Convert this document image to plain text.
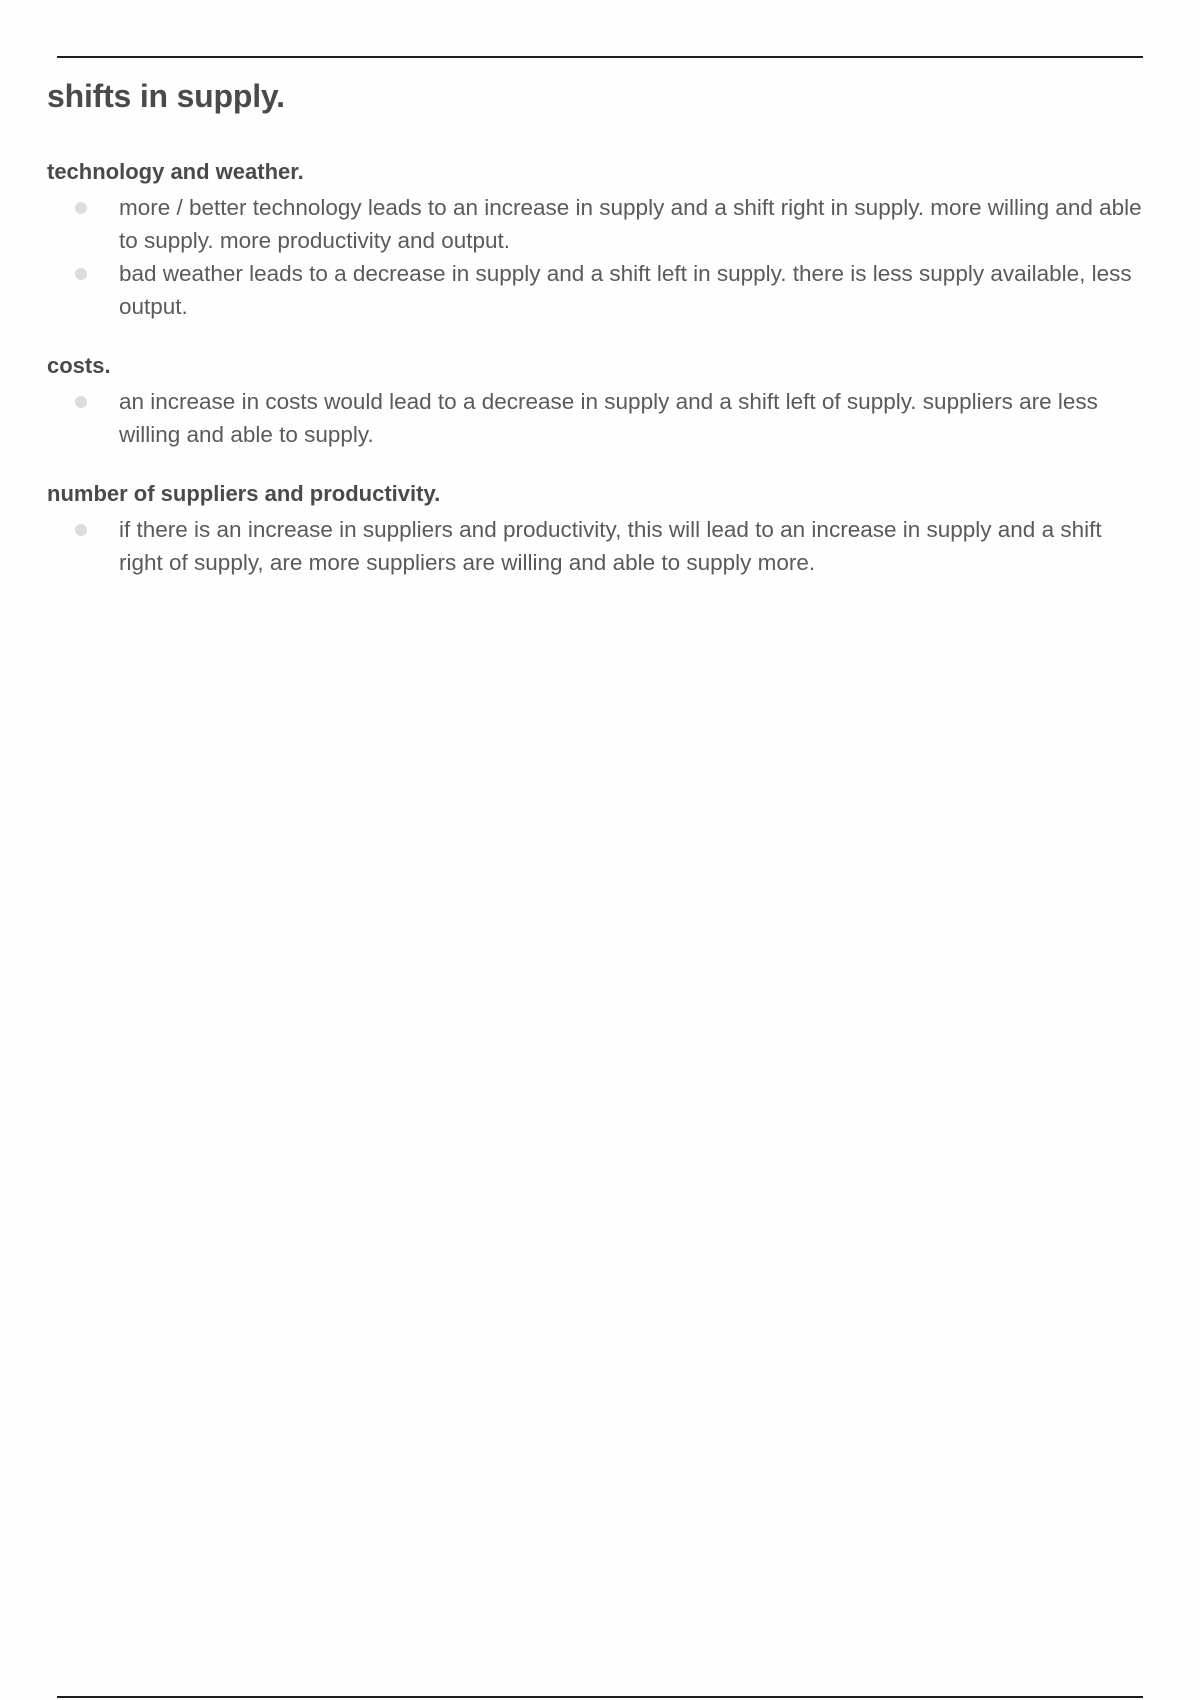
shifts in supply.
technology and weather.
more / better technology leads to an increase in supply and a shift right in supply. more willing and able to supply. more productivity and output.
bad weather leads to a decrease in supply and a shift left in supply. there is less supply available, less output.
costs.
an increase in costs would lead to a decrease in supply and a shift left of supply. suppliers are less willing and able to supply.
number of suppliers and productivity.
if there is an increase in suppliers and productivity, this will lead to an increase in supply and a shift right of supply, are more suppliers are willing and able to supply more.
